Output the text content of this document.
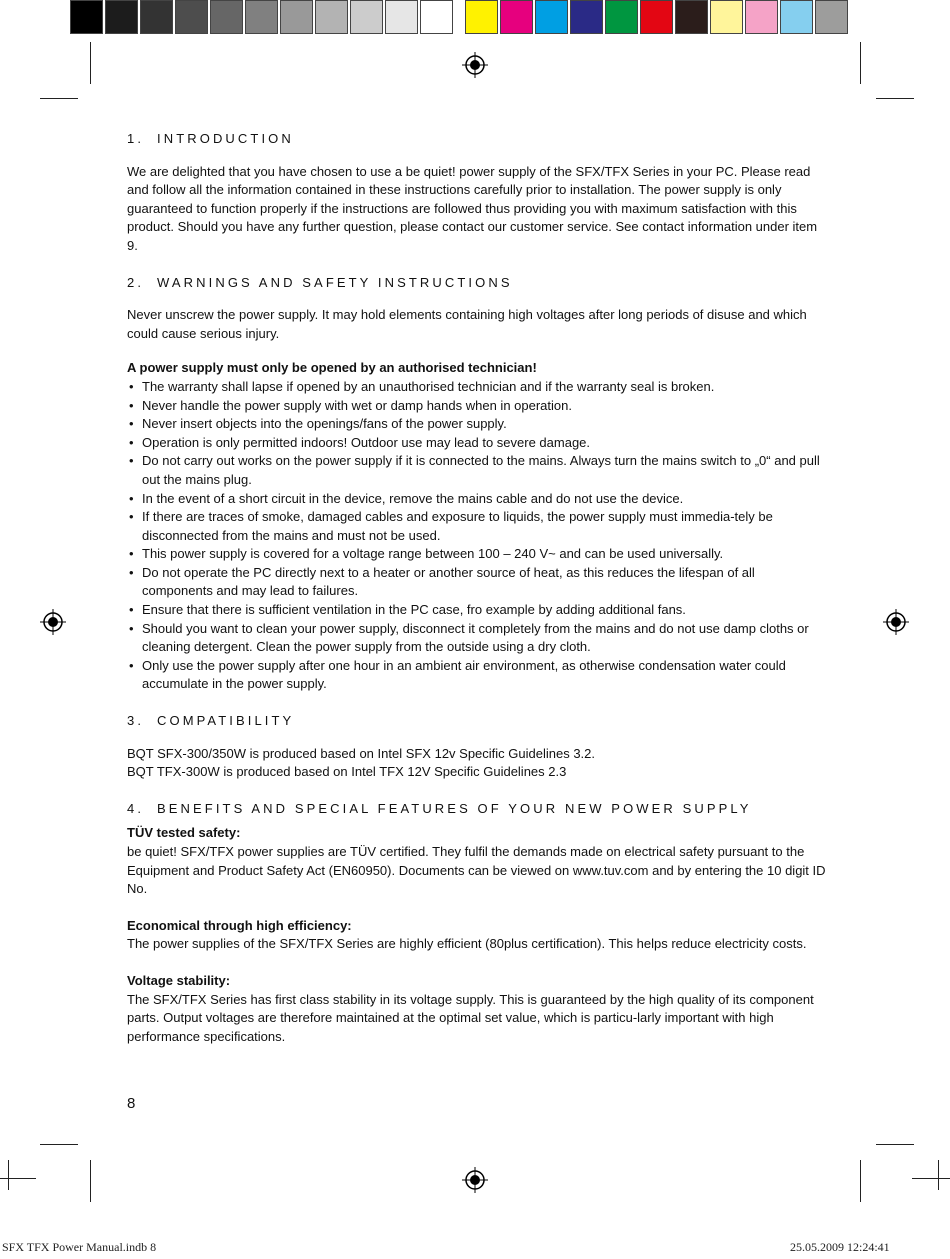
1. INTRODUCTION

We are delighted that you have chosen to use a be quiet! power supply of the SFX/TFX Series in your PC. Please read and follow all the information contained in these instructions carefully prior to installation. The power supply is only guaranteed to function properly if the instructions are followed thus providing you with maximum satisfaction with this product. Should you have any further question, please contact our customer service. See contact information under item 9.

2. WARNINGS AND SAFETY INSTRUCTIONS

Never unscrew the power supply. It may hold elements containing high voltages after long periods of disuse and which could cause serious injury.

A power supply must only be opened by an authorised technician!

• The warranty shall lapse if opened by an unauthorised technician and if the warranty seal is broken.
• Never handle the power supply with wet or damp hands when in operation.
• Never insert objects into the openings/fans of the power supply.
• Operation is only permitted indoors! Outdoor use may lead to severe damage.
• Do not carry out works on the power supply if it is connected to the mains. Always turn the mains switch to „0“ and pull out the mains plug.
• In the event of a short circuit in the device, remove the mains cable and do not use the device.
• If there are traces of smoke, damaged cables and exposure to liquids, the power supply must immedia-tely be disconnected from the mains and must not be used.
• This power supply is covered for a voltage range between 100 – 240 V~ and can be used universally.
• Do not operate the PC directly next to a heater or another source of heat, as this reduces the lifespan of all components and may lead to failures.
• Ensure that there is sufficient ventilation in the PC case, fro example by adding additional fans.
• Should you want to clean your power supply, disconnect it completely from the mains and do not use damp cloths or cleaning detergent. Clean the power supply from the outside using a dry cloth.
• Only use the power supply after one hour in an ambient air environment, as otherwise condensation water could accumulate in the power supply.
3. COMPATIBILITY

BQT SFX-300/350W is produced based on Intel SFX 12v Specific Guidelines 3.2.

BQT TFX-300W is produced based on Intel TFX 12V Specific Guidelines 2.3

4. BENEFITS AND SPECIAL FEATURES OF YOUR NEW POWER SUPPLY

TÜV tested safety:

be quiet! SFX/TFX power supplies are TÜV certified. They fulfil the demands made on electrical safety pursuant to the Equipment and Product Safety Act (EN60950). Documents can be viewed on www.tuv.com and by entering the 10 digit ID No.

Economical through high efficiency:

The power supplies of the SFX/TFX Series are highly efficient (80plus certification). This helps reduce electricity costs.

Voltage stability:

The SFX/TFX Series has first class stability in its voltage supply. This is guaranteed by the high quality of its component parts. Output voltages are therefore maintained at the optimal set value, which is particu-larly important with high performance specifications.

8
SFX TFX Power Manual.indb 8	25.05.2009 12:24:41
